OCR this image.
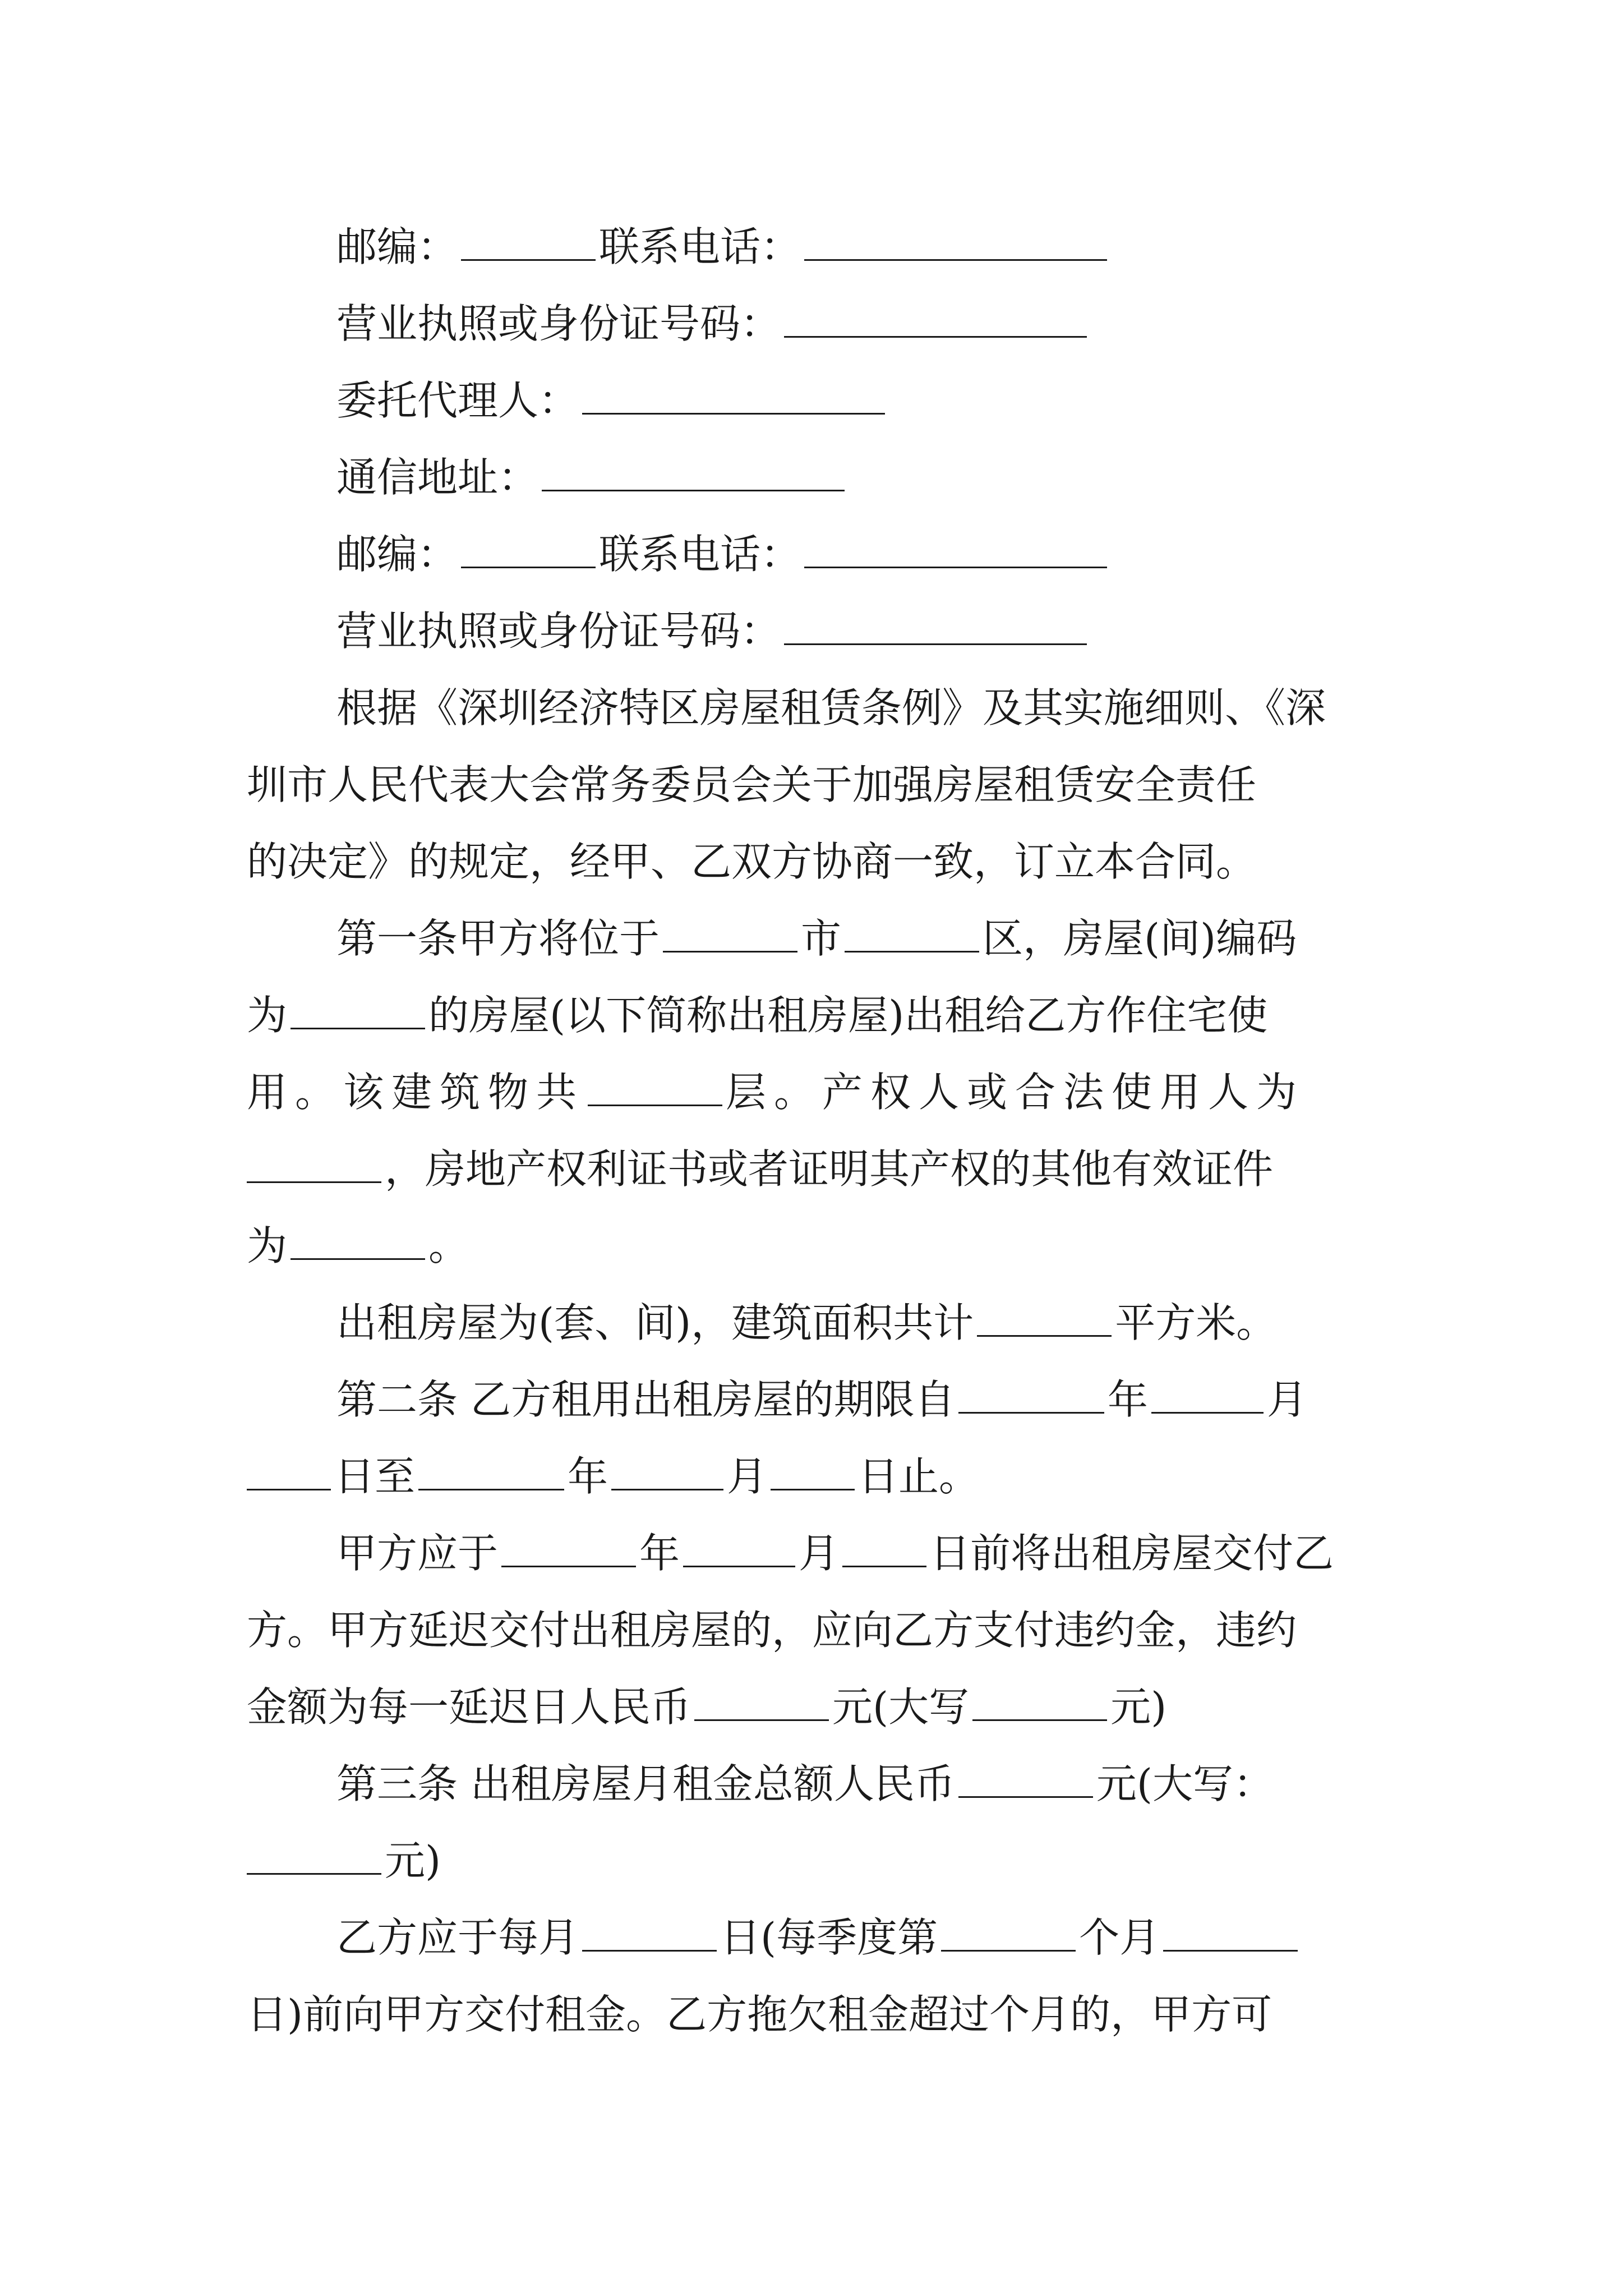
邮编：	联系电话：
营业执照或身份证号码：
委托代理人：
通信地址：
邮编：	联系电话：
营业执照或身份证号码：
根据《深圳经济特区房屋租赁条例》及其实施细则、《深
圳市人民代表大会常务委员会关于加强房屋租赁安全责任
的决定》的规定，经甲、乙双方协商一致，订立本合同。
第一条甲方将位于	市	区，房屋(间)编码
为	的房屋(以下简称出租房屋)出租给乙方作住宅使
用。该建筑物共	层。产权人或合法使用人为
，房地产权利证书或者证明其产权的其他有效证件
为	。
出租房屋为(套、间)，建筑面积共计	平方米。
第二条 乙方租用出租房屋的期限自	年	月
日至	年	月 日止。
甲方应于	年	月 日前将出租房屋交付乙
方。甲方延迟交付出租房屋的，应向乙方支付违约金，违约
金额为每一延迟日人民币	元(大写	元)
第三条 出租房屋月租金总额人民币	元(大写：
元)
乙方应于每月	日(每季度第	个月
日)前向甲方交付租金。乙方拖欠租金超过个月的，甲方可
